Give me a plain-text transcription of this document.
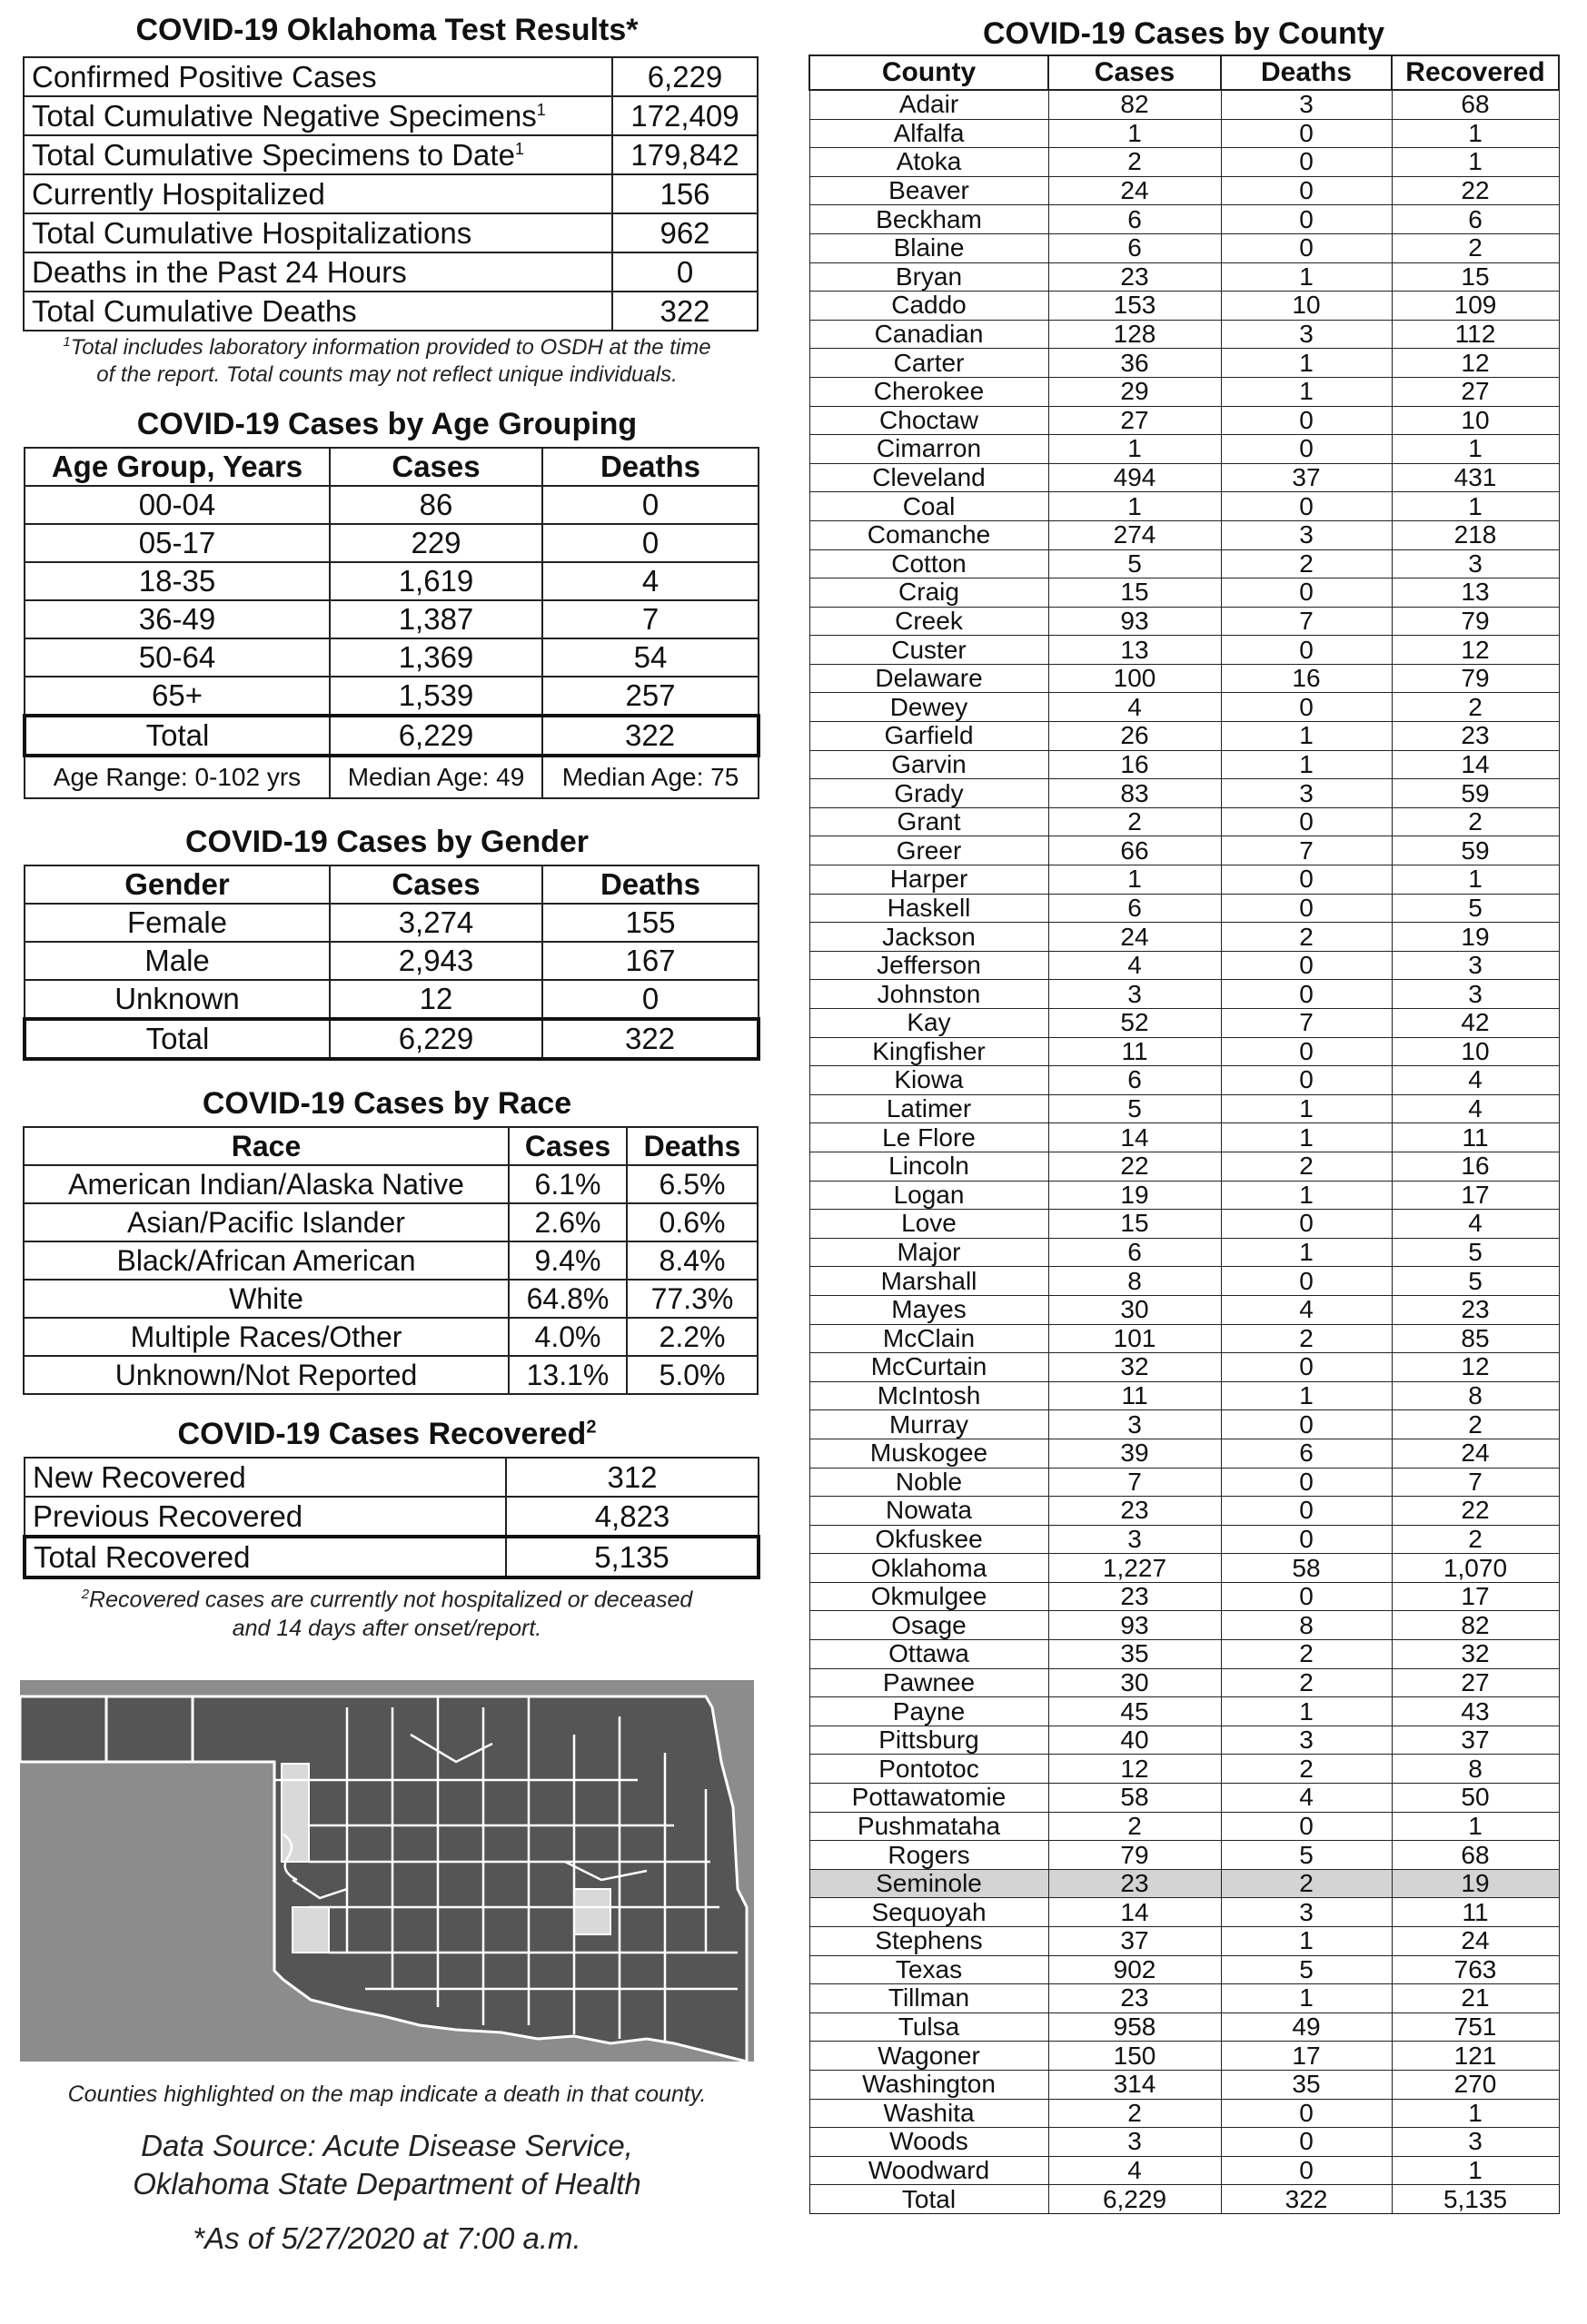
COVID-19 Oklahoma Test Results*
Confirmed Positive Cases	6,229
Total Cumulative Negative Specimens$^1$	172,409
Total Cumulative Specimens to Date$^1$	179,842
Currently Hospitalized	156
Total Cumulative Hospitalizations	962
Deaths in the Past 24 Hours	0
Total Cumulative Deaths	322
$^1$Total includes laboratory information provided to OSDH at the time
of the report. Total counts may not reflect unique individuals.
COVID-19 Cases by Age Grouping
Age Group, Years	Cases	Deaths
00-04	86	0
05-17	229	0
18-35	1,619	4
36-49	1,387	7
50-64	1,369	54
65+	1,539	257
Total	6,229	322
Age Range: 0-102 yrs	Median Age: 49	Median Age: 75
COVID-19 Cases by Gender
Gender	Cases	Deaths
Female	3,274	155
Male	2,943	167
Unknown	12	0
Total	6,229	322
COVID-19 Cases by Race
Race	Cases	Deaths
American Indian/Alaska Native	6.1%	6.5%
Asian/Pacific Islander	2.6%	0.6%
Black/African American	9.4%	8.4%
White	64.8%	77.3%
Multiple Races/Other	4.0%	2.2%
Unknown/Not Reported	13.1%	5.0%
COVID-19 Cases Recovered$^2$
New Recovered	312
Previous Recovered	4,823
Total Recovered	5,135
$^2$Recovered cases are currently not hospitalized or deceased
and 14 days after onset/report.
Counties highlighted on the map indicate a death in that county.
Data Source: Acute Disease Service,
Oklahoma State Department of Health
*As of 5/27/2020 at 7:00 a.m.
COVID-19 Cases by County
County	Cases	Deaths	Recovered
Adair	82	3	68
Alfalfa	1	0	1
Atoka	2	0	1
Beaver	24	0	22
Beckham	6	0	6
Blaine	6	0	2
Bryan	23	1	15
Caddo	153	10	109
Canadian	128	3	112
Carter	36	1	12
Cherokee	29	1	27
Choctaw	27	0	10
Cimarron	1	0	1
Cleveland	494	37	431
Coal	1	0	1
Comanche	274	3	218
Cotton	5	2	3
Craig	15	0	13
Creek	93	7	79
Custer	13	0	12
Delaware	100	16	79
Dewey	4	0	2
Garfield	26	1	23
Garvin	16	1	14
Grady	83	3	59
Grant	2	0	2
Greer	66	7	59
Harper	1	0	1
Haskell	6	0	5
Jackson	24	2	19
Jefferson	4	0	3
Johnston	3	0	3
Kay	52	7	42
Kingfisher	11	0	10
Kiowa	6	0	4
Latimer	5	1	4
Le Flore	14	1	11
Lincoln	22	2	16
Logan	19	1	17
Love	15	0	4
Major	6	1	5
Marshall	8	0	5
Mayes	30	4	23
McClain	101	2	85
McCurtain	32	0	12
McIntosh	11	1	8
Murray	3	0	2
Muskogee	39	6	24
Noble	7	0	7
Nowata	23	0	22
Okfuskee	3	0	2
Oklahoma	1,227	58	1,070
Okmulgee	23	0	17
Osage	93	8	82
Ottawa	35	2	32
Pawnee	30	2	27
Payne	45	1	43
Pittsburg	40	3	37
Pontotoc	12	2	8
Pottawatomie	58	4	50
Pushmataha	2	0	1
Rogers	79	5	68
Seminole	23	2	19
Sequoyah	14	3	11
Stephens	37	1	24
Texas	902	5	763
Tillman	23	1	21
Tulsa	958	49	751
Wagoner	150	17	121
Washington	314	35	270
Washita	2	0	1
Woods	3	0	3
Woodward	4	0	1
Total	6,229	322	5,135
